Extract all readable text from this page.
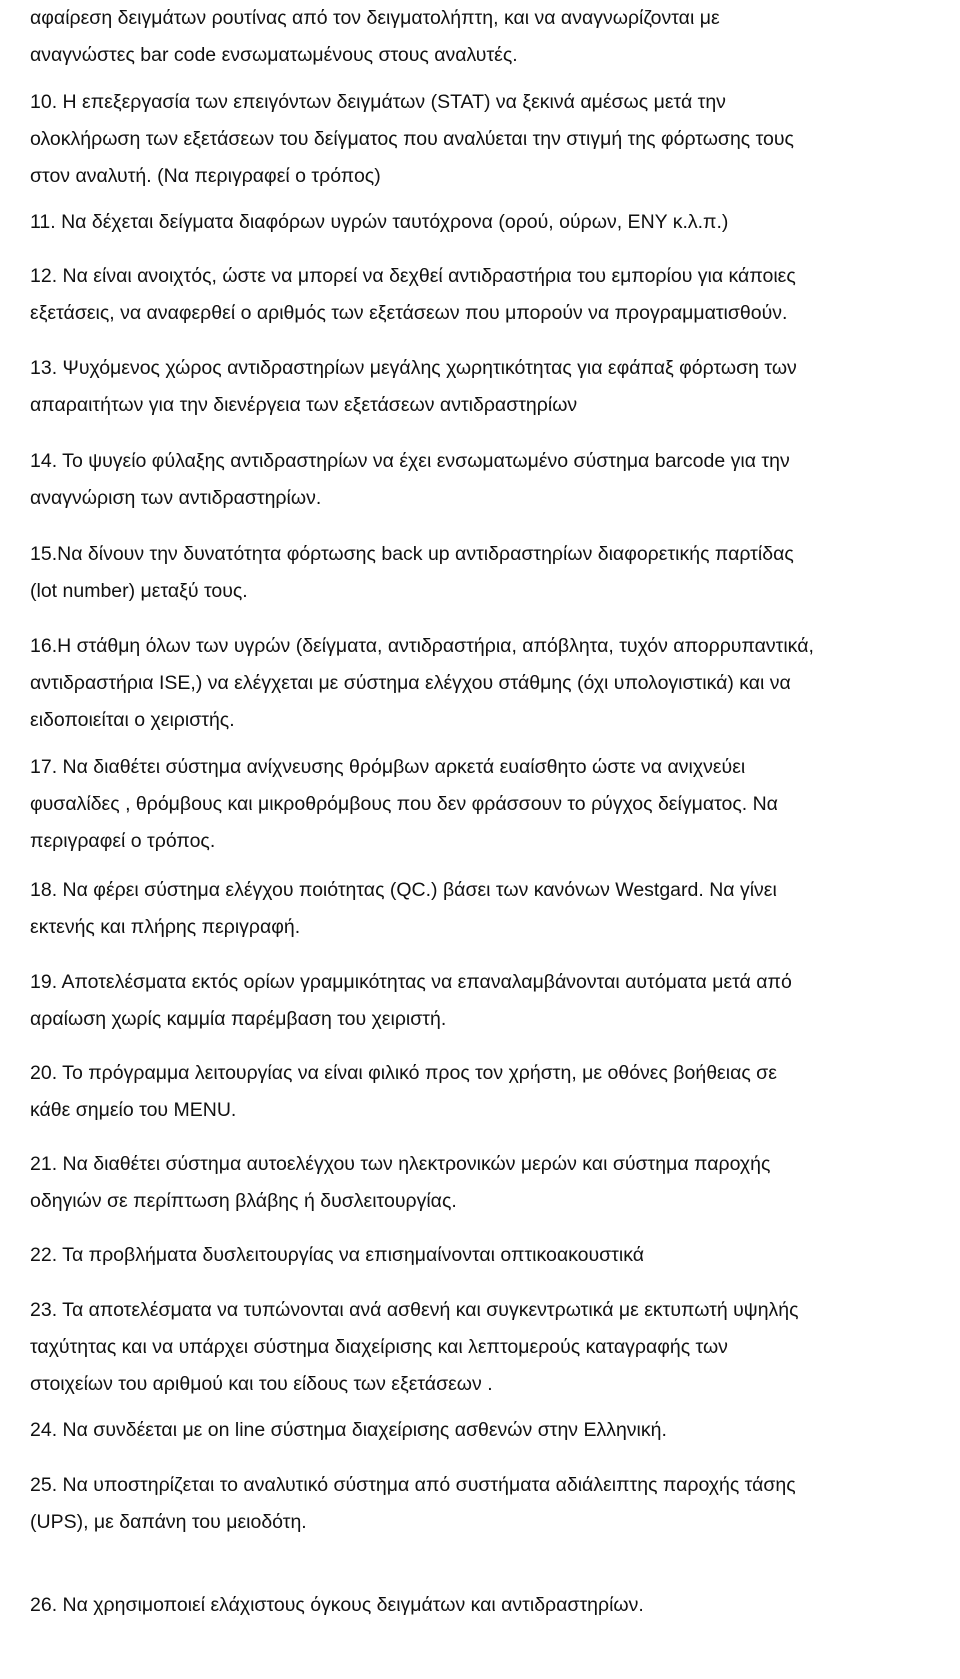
αφαίρεση δειγμάτων ρουτίνας από τον δειγματολήπτη, και να αναγνωρίζονται με
αναγνώστες bar code ενσωματωμένους στους αναλυτές.

10. Η επεξεργασία των επειγόντων δειγμάτων (STAT) να ξεκινά αμέσως μετά την
ολοκλήρωση των εξετάσεων του δείγματος που αναλύεται την στιγμή της φόρτωσης τους
στον αναλυτή. (Να περιγραφεί ο τρόπος)

11. Να δέχεται δείγματα διαφόρων υγρών ταυτόχρονα (ορού, ούρων, ΕΝΥ κ.λ.π.)

12. Να είναι ανοιχτός, ώστε να μπορεί να δεχθεί αντιδραστήρια του εμπορίου για κάποιες
εξετάσεις, να αναφερθεί ο αριθμός των εξετάσεων που μπορούν να προγραμματισθούν.

13. Ψυχόμενος χώρος αντιδραστηρίων μεγάλης χωρητικότητας για εφάπαξ φόρτωση των
απαραιτήτων για την διενέργεια των εξετάσεων αντιδραστηρίων

14. Το ψυγείο φύλαξης αντιδραστηρίων να έχει ενσωματωμένο σύστημα barcode για την
αναγνώριση των αντιδραστηρίων.

15.Να δίνουν την δυνατότητα φόρτωσης back up αντιδραστηρίων διαφορετικής παρτίδας
(lot number) μεταξύ τους.

16.Η στάθμη όλων των υγρών (δείγματα, αντιδραστήρια, απόβλητα, τυχόν απορρυπαντικά,
αντιδραστήρια ISE,) να ελέγχεται με σύστημα ελέγχου στάθμης (όχι υπολογιστικά) και να
ειδοποιείται ο χειριστής.

17. Να διαθέτει σύστημα ανίχνευσης θρόμβων αρκετά ευαίσθητο ώστε να ανιχνεύει
φυσαλίδες , θρόμβους και μικροθρόμβους που δεν φράσσουν το ρύγχος δείγματος. Να
περιγραφεί ο τρόπος.

18. Να φέρει σύστημα ελέγχου ποιότητας (QC.) βάσει των κανόνων Westgard. Να γίνει
εκτενής και πλήρης περιγραφή.

19. Αποτελέσματα εκτός ορίων γραμμικότητας να επαναλαμβάνονται αυτόματα μετά από
αραίωση χωρίς καμμία παρέμβαση του χειριστή.

20. Το πρόγραμμα λειτουργίας να είναι φιλικό προς τον χρήστη, με οθόνες βοήθειας σε
κάθε σημείο του MENU.

21. Να διαθέτει σύστημα αυτοελέγχου των ηλεκτρονικών μερών και σύστημα παροχής
οδηγιών σε περίπτωση βλάβης ή δυσλειτουργίας.

22. Τα προβλήματα δυσλειτουργίας να επισημαίνονται οπτικοακουστικά

23. Τα αποτελέσματα να τυπώνονται ανά ασθενή και συγκεντρωτικά με εκτυπωτή υψηλής
ταχύτητας και να υπάρχει σύστημα διαχείρισης και λεπτομερούς καταγραφής των
στοιχείων του αριθμού και του είδους των εξετάσεων .

24. Να συνδέεται με on line σύστημα διαχείρισης ασθενών στην Ελληνική.

25. Να υποστηρίζεται το αναλυτικό σύστημα από συστήματα αδιάλειπτης παροχής τάσης
(UPS), με δαπάνη του μειοδότη.

26. Να χρησιμοποιεί ελάχιστους όγκους δειγμάτων και αντιδραστηρίων.
